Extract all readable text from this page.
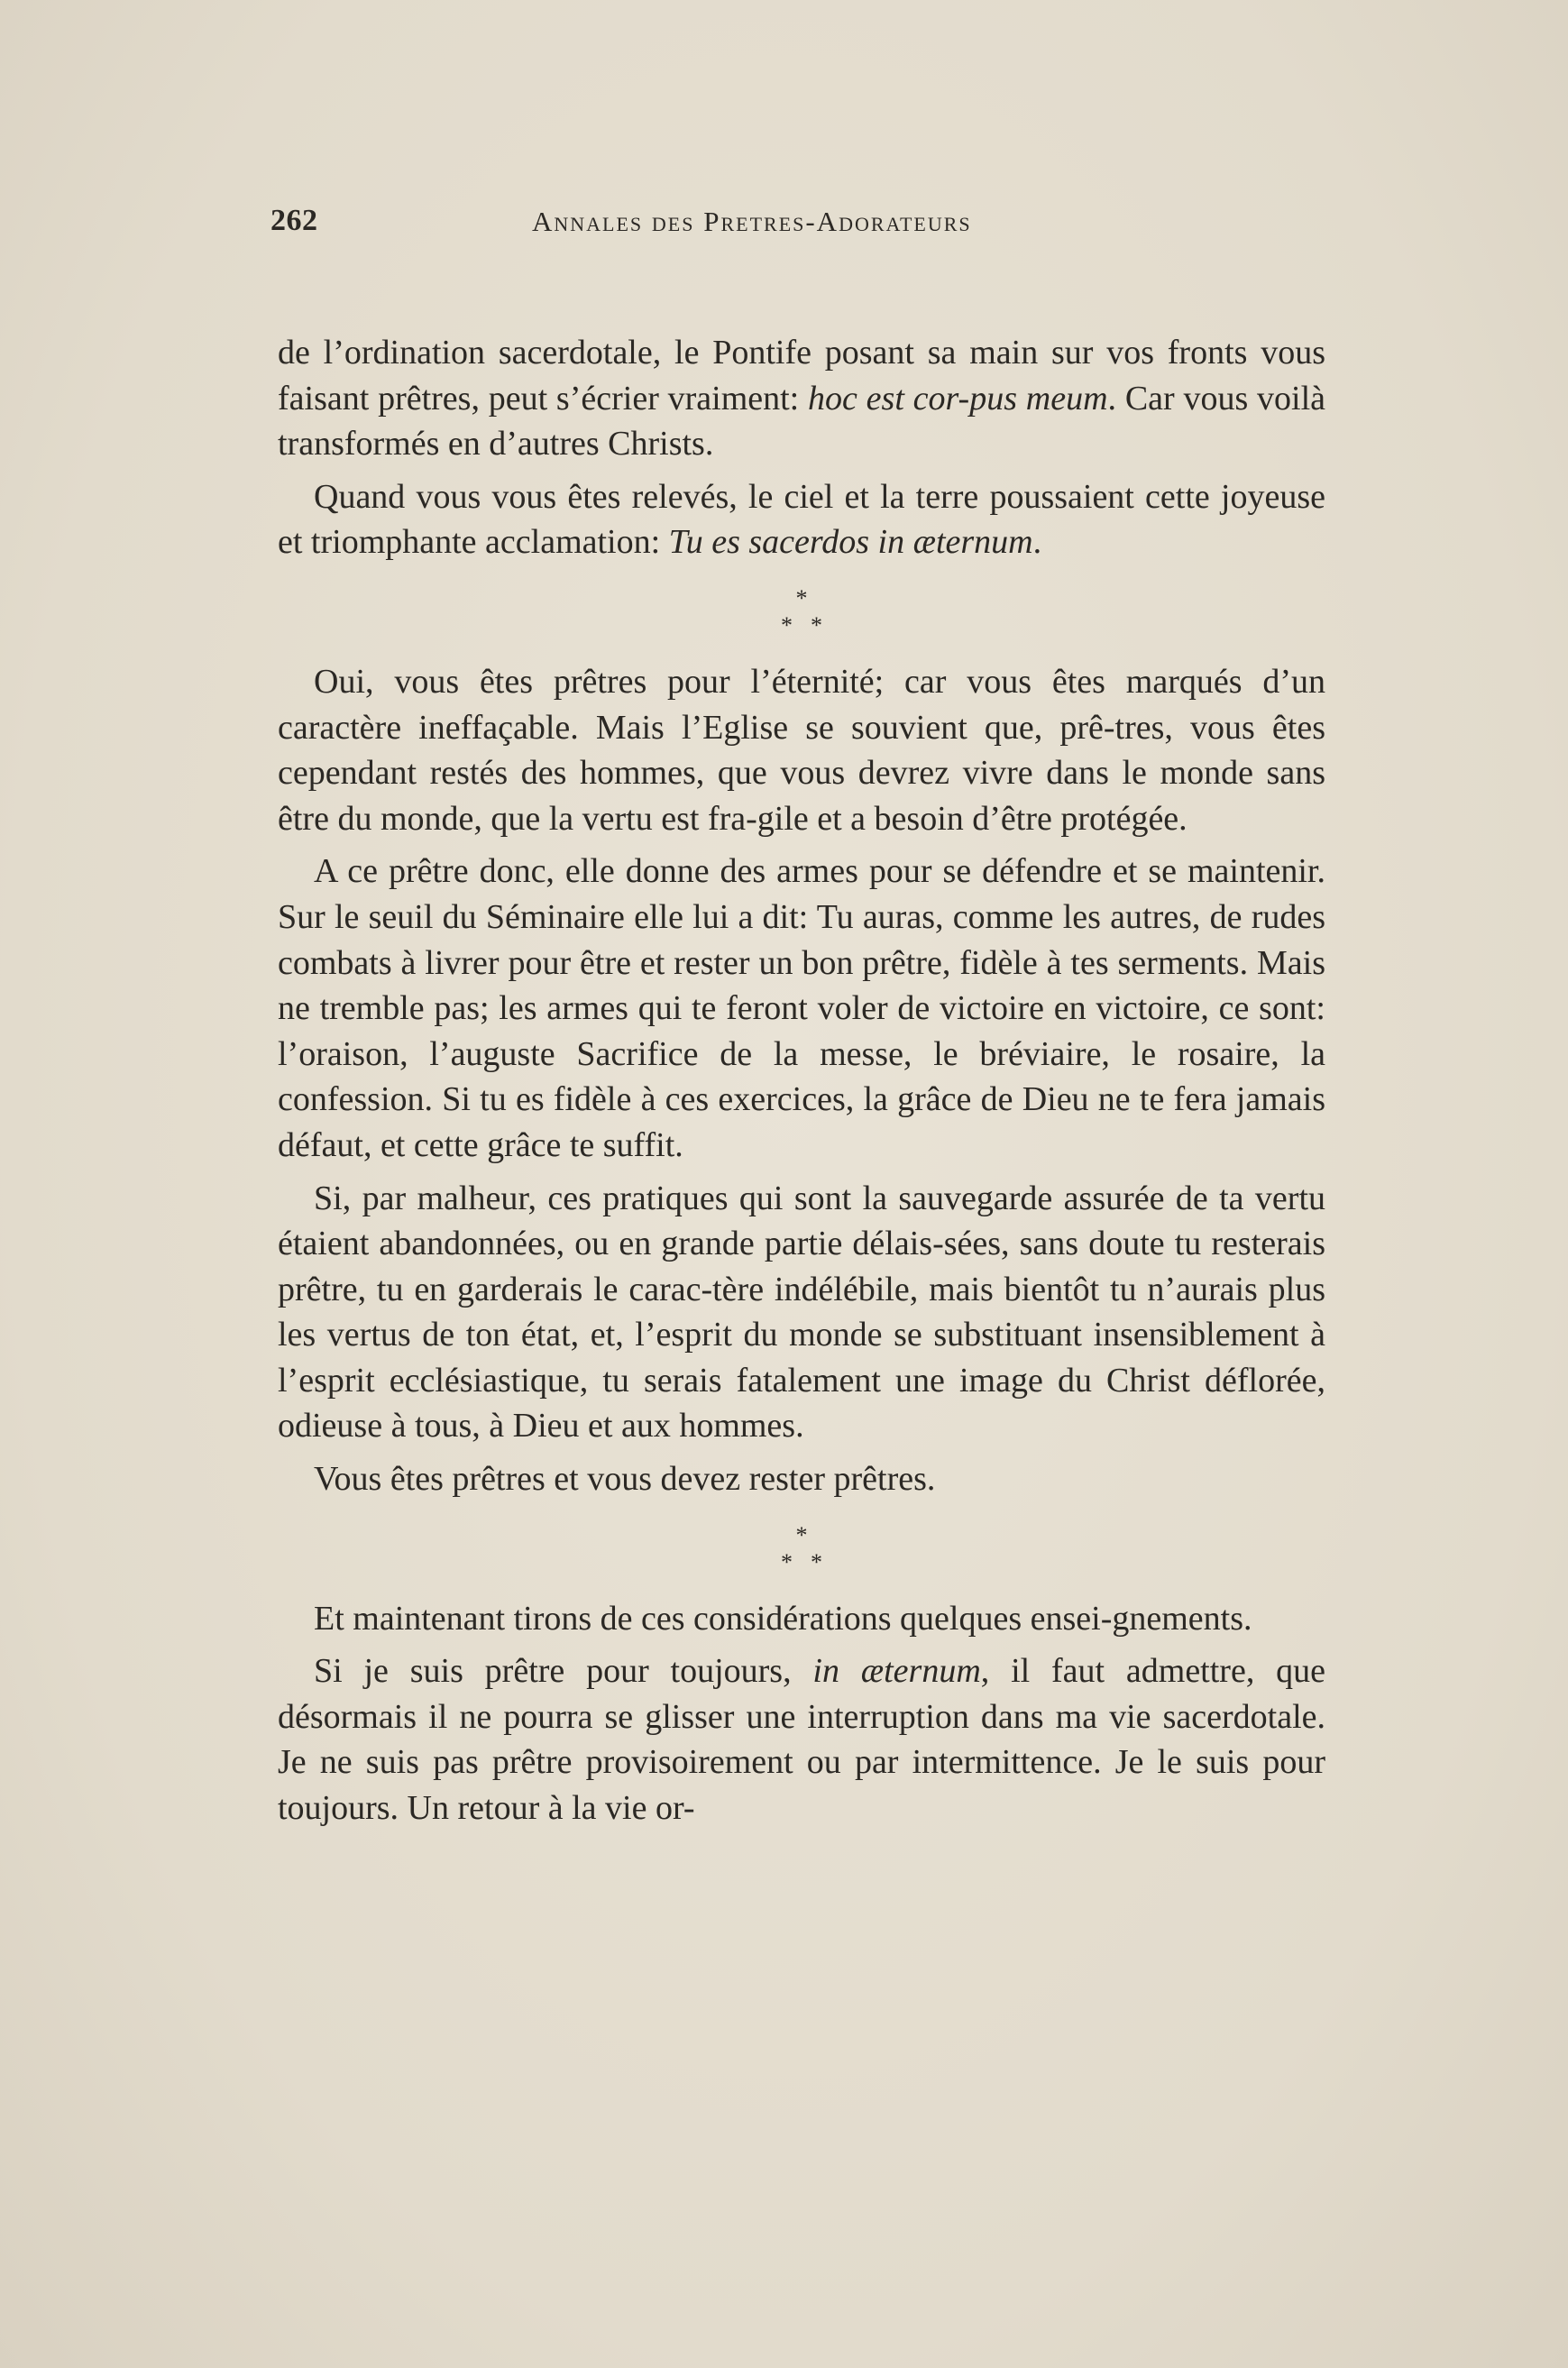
262	Annales des Pretres-Adorateurs

de l’ordination sacerdotale, le Pontife posant sa main sur vos fronts vous faisant prêtres, peut s’écrier vraiment: hoc est cor-pus meum. Car vous voilà transformés en d’autres Christs.

Quand vous vous êtes relevés, le ciel et la terre poussaient cette joyeuse et triomphante acclamation: Tu es sacerdos in æternum.

*
* *

Oui, vous êtes prêtres pour l’éternité; car vous êtes marqués d’un caractère ineffaçable. Mais l’Eglise se souvient que, prê-tres, vous êtes cependant restés des hommes, que vous devrez vivre dans le monde sans être du monde, que la vertu est fra-gile et a besoin d’être protégée.

A ce prêtre donc, elle donne des armes pour se défendre et se maintenir. Sur le seuil du Séminaire elle lui a dit: Tu auras, comme les autres, de rudes combats à livrer pour être et rester un bon prêtre, fidèle à tes serments. Mais ne tremble pas; les armes qui te feront voler de victoire en victoire, ce sont: l’oraison, l’auguste Sacrifice de la messe, le bréviaire, le rosaire, la confession. Si tu es fidèle à ces exercices, la grâce de Dieu ne te fera jamais défaut, et cette grâce te suffit.

Si, par malheur, ces pratiques qui sont la sauvegarde assurée de ta vertu étaient abandonnées, ou en grande partie délais-sées, sans doute tu resterais prêtre, tu en garderais le carac-tère indélébile, mais bientôt tu n’aurais plus les vertus de ton état, et, l’esprit du monde se substituant insensiblement à l’esprit ecclésiastique, tu serais fatalement une image du Christ déflorée, odieuse à tous, à Dieu et aux hommes.

Vous êtes prêtres et vous devez rester prêtres.

*
* *

Et maintenant tirons de ces considérations quelques ensei-gnements.

Si je suis prêtre pour toujours, in æternum, il faut admettre, que désormais il ne pourra se glisser une interruption dans ma vie sacerdotale. Je ne suis pas prêtre provisoirement ou par intermittence. Je le suis pour toujours. Un retour à la vie or-
